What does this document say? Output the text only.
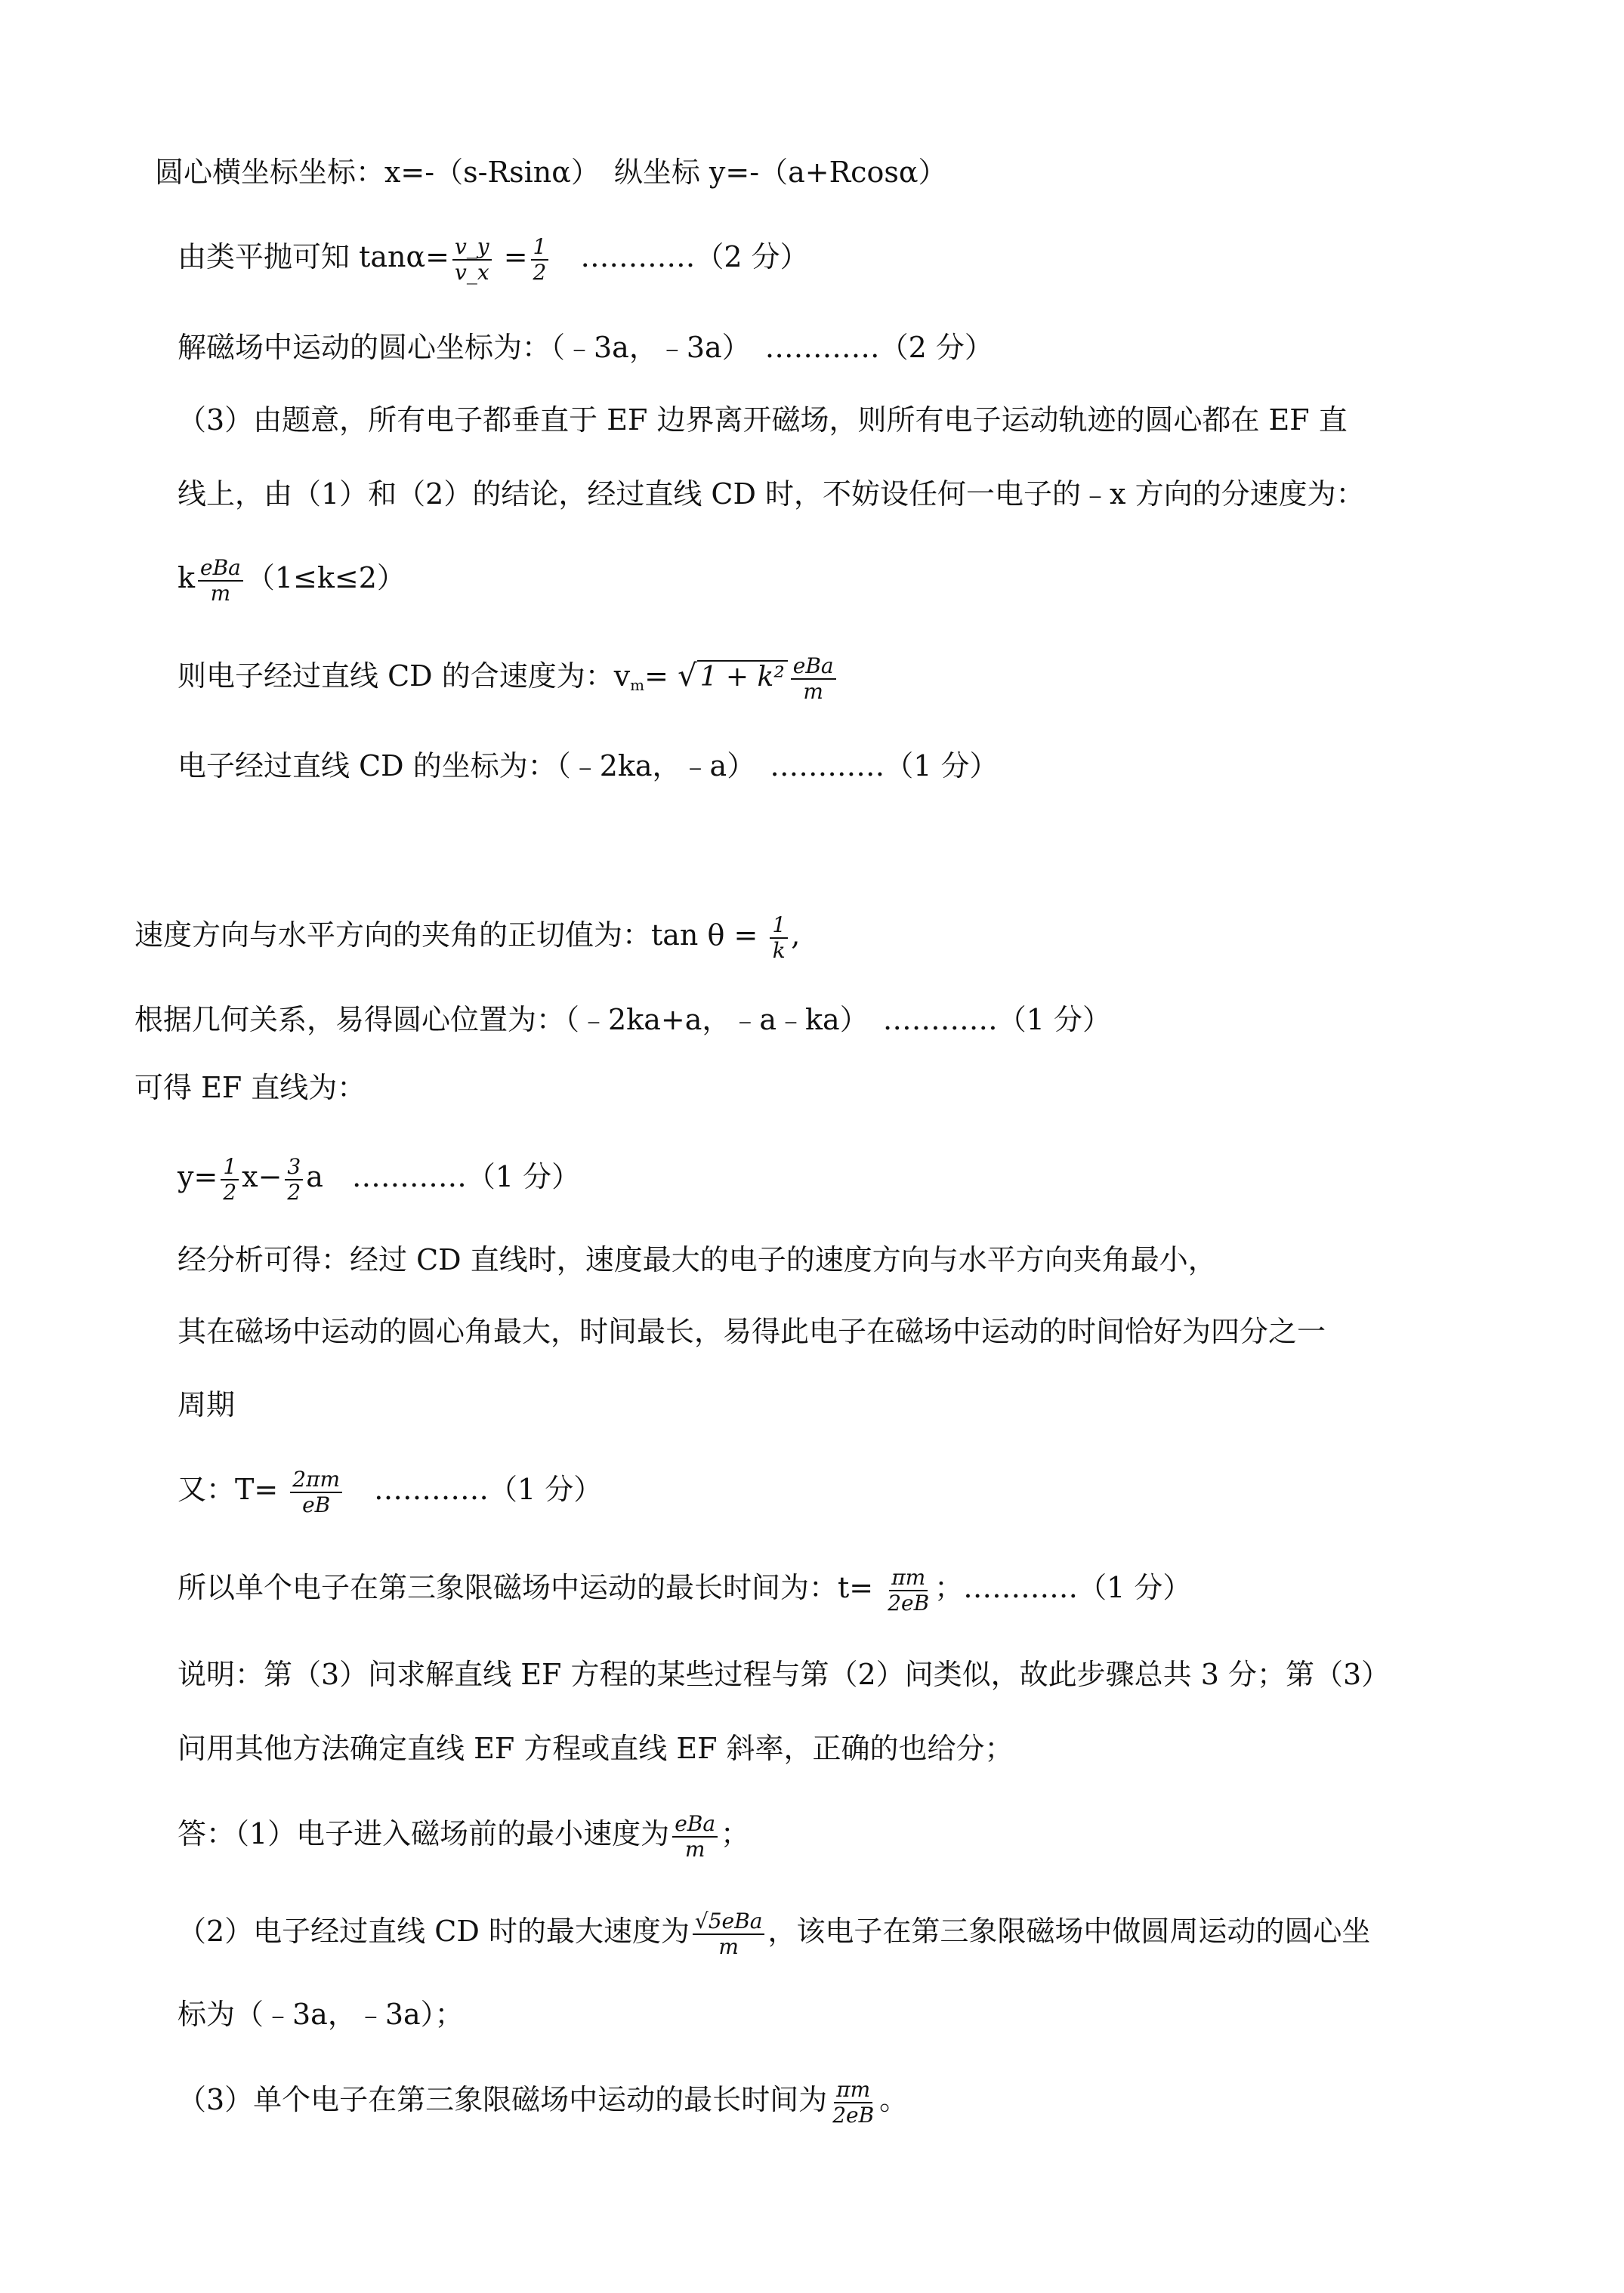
圆心横坐标坐标：x=-（s-Rsinα）　纵坐标 y=-（a+Rcosα）
由类平抛可知 $\tan\alpha= \frac{v\_y}{v\_x} = \frac{1}{2}$ 　…………（2 分）
解磁场中运动的圆心坐标为：（﹣3a，﹣3a）　…………（2 分）
（3）由题意，所有电子都垂直于 EF 边界离开磁场，则所有电子运动轨迹的圆心都在 EF 直
线上，由（1）和（2）的结论，经过直线 CD 时，不妨设任何一电子的﹣x 方向的分速度为：
k $\frac{\text{eBa}}{m} (1\le k\le 2)$
则电子经过直线 CD 的合速度为：$v_m=$ √ $1 + k^2 \frac{\text{eBa}}{m}$
电子经过直线 CD 的坐标为：（﹣2ka，﹣a）　…………（1 分）
速度方向与水平方向的夹角的正切值为：$\tan \theta = \frac{1}{k}$ ,
根据几何关系，易得圆心位置为：（﹣2ka+a，﹣a﹣ka）　…………（1 分）
可得 EF 直线为：
$y= \frac{1}{2} x- \frac{3}{2}$ a　…………（1 分）
经分析可得：经过 CD 直线时，速度最大的电子的速度方向与水平方向夹角最小，
其在磁场中运动的圆心角最大，时间最长，易得此电子在磁场中运动的时间恰好为四分之一
周期
又：$T= \frac{2\pi m}{eB}$ 　…………（1 分）
所以单个电子在第三象限磁场中运动的最长时间为：$t= \frac{\pi m}{2eB}$ ；…………（1 分）
说明：第（3）问求解直线 EF 方程的某些过程与第（2）问类似，故此步骤总共 3 分；第（3）
问用其他方法确定直线 EF 方程或直线 EF 斜率，正确的也给分；
答：（1）电子进入磁场前的最小速度为 $\frac{\text{eBa}}{m}$ ；
（2）电子经过直线 CD 时的最大速度为 $\frac{\text{√5eBa}}{m}$ ，该电子在第三象限磁场中做圆周运动的圆心坐
标为（﹣3a，﹣3a）；
（3）单个电子在第三象限磁场中运动的最长时间为 $\frac{\pi m}{2eB}$ 。
